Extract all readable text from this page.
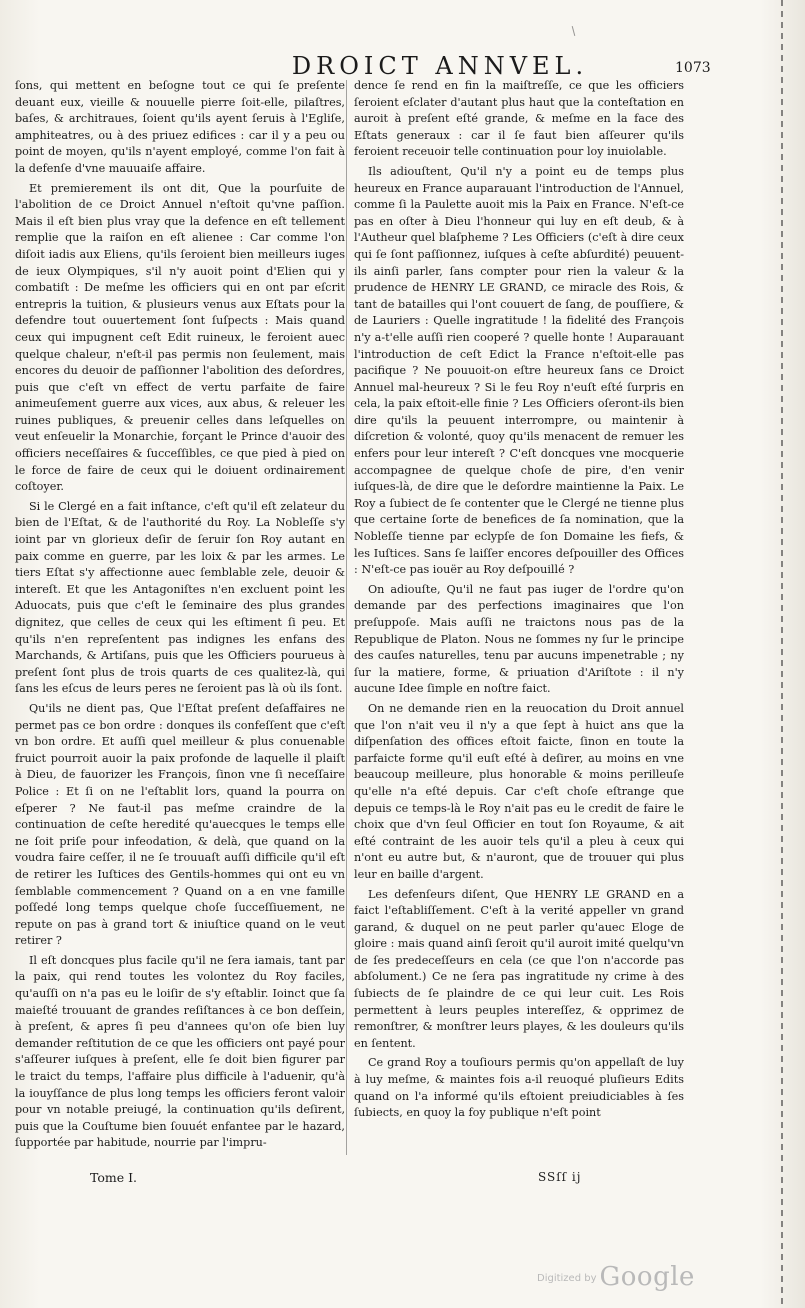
DROICT ANNVEL.	1073

ſons, qui mettent en beſogne tout ce qui ſe preſente deuant eux, vieille & nouuelle pierre ſoit-elle, pilaſtres, baſes, & architraues, ſoient qu'ils ayent ſeruis à l'Egliſe, amphiteatres, ou à des priuez edifices : car il y a peu ou point de moyen, qu'ils n'ayent employé, comme l'on fait à la defenſe d'vne mauuaiſe affaire.

Et premierement ils ont dit, Que la pourſuite de l'abolition de ce Droict Annuel n'eſtoit qu'vne paſſion. Mais il eſt bien plus vray que la defence en eſt tellement remplie que la raiſon en eſt alienee : Car comme l'on diſoit iadis aux Eliens, qu'ils ſeroient bien meilleurs iuges de ieux Olympiques, s'il n'y auoit point d'Elien qui y combatiſt : De meſme les officiers qui en ont par eſcrit entrepris la tuition, & plusieurs venus aux Eſtats pour la defendre tout ouuertement ſont ſuſpects : Mais quand ceux qui impugnent ceſt Edit ruineux, le feroient auec quelque chaleur, n'eſt-il pas permis non ſeulement, mais encores du deuoir de paſſionner l'abolition des deſordres, puis que c'eſt vn effect de vertu parfaite de faire animeuſement guerre aux vices, aux abus, & releuer les ruines publiques, & preuenir celles dans leſquelles on veut enſeuelir la Monarchie, forçant le Prince d'auoir des officiers neceſſaires & ſucceſſibles, ce que pied à pied on le force de faire de ceux qui le doiuent ordinairement coſtoyer.

Si le Clergé en a fait inſtance, c'eſt qu'il eſt zelateur du bien de l'Eſtat, & de l'authorité du Roy. La Nobleſſe s'y ioint par vn glorieux deſir de ſeruir ſon Roy autant en paix comme en guerre, par les loix & par les armes. Le tiers Eſtat s'y affectionne auec ſemblable zele, deuoir & intereſt. Et que les Antagoniſtes n'en excluent point les Aduocats, puis que c'eſt le ſeminaire des plus grandes dignitez, que celles de ceux qui les eſtiment ſi peu. Et qu'ils n'en repreſentent pas indignes les enfans des Marchands, & Artiſans, puis que les Officiers pourueus à preſent ſont plus de trois quarts de ces qualitez-là, qui ſans les eſcus de leurs peres ne ſeroient pas là où ils ſont.

Qu'ils ne dient pas, Que l'Eſtat preſent deſaffaires ne permet pas ce bon ordre : donques ils confeſſent que c'eſt vn bon ordre. Et auſſi quel meilleur & plus conuenable fruict pourroit auoir la paix profonde de laquelle il plaiſt à Dieu, de fauorizer les François, ſinon vne ſi neceſſaire Police : Et ſi on ne l'eſtablit lors, quand la pourra on eſperer ? Ne faut-il pas meſme craindre de la continuation de ceſte heredité qu'auecques le temps elle ne ſoit priſe pour infeodation, & delà, que quand on la voudra faire ceſſer, il ne ſe trouuaſt auſſi difficile qu'il eſt de retirer les Iuſtices des Gentils-hommes qui ont eu vn ſemblable commencement ? Quand on a en vne famille poſſedé long temps quelque choſe ſucceſſiuement, ne repute on pas à grand tort & iniuſtice quand on le veut retirer ?

Il eſt doncques plus facile qu'il ne ſera iamais, tant par la paix, qui rend toutes les volontez du Roy faciles, qu'auſſi on n'a pas eu le loiſir de s'y eſtablir. Ioinct que ſa maieſté trouuant de grandes reſiſtances à ce bon deſſein, à preſent, & apres ſi peu d'annees qu'on oſe bien luy demander reſtitution de ce que les officiers ont payé pour s'aſſeurer iuſques à preſent, elle ſe doit bien figurer par le traict du temps, l'affaire plus difficile à l'aduenir, qu'à la iouyſſance de plus long temps les officiers feront valoir pour vn notable preiugé, la continuation qu'ils deſirent, puis que la Couſtume bien ſouuét enfantee par le hazard, ſupportée par habitude, nourrie par l'impru-

dence ſe rend en fin la maiſtreſſe, ce que les officiers ſeroient eſclater d'autant plus haut que la conteſtation en auroit à preſent eſté grande, & meſme en la face des Eſtats generaux : car il ſe faut bien aſſeurer qu'ils feroient receuoir telle continuation pour loy inuiolable.

Ils adiouſtent, Qu'il n'y a point eu de temps plus heureux en France auparauant l'introduction de l'Annuel, comme ſi la Paulette auoit mis la Paix en France. N'eſt-ce pas en oſter à Dieu l'honneur qui luy en eſt deub, & à l'Autheur quel blaſpheme ? Les Officiers (c'eſt à dire ceux qui ſe ſont paſſionnez, iuſques à ceſte abſurdité) peuuent-ils ainſi parler, ſans compter pour rien la valeur & la prudence de HENRY LE GRAND, ce miracle des Rois, & tant de batailles qui l'ont couuert de ſang, de pouſſiere, & de Lauriers : Quelle ingratitude ! la fidelité des François n'y a-t'elle auſſi rien cooperé ? quelle honte ! Auparauant l'introduction de ceſt Edict la France n'eſtoit-elle pas pacifique ? Ne pouuoit-on eſtre heureux ſans ce Droict Annuel mal-heureux ? Si le feu Roy n'euſt eſté ſurpris en cela, la paix eſtoit-elle finie ? Les Officiers oſeront-ils bien dire qu'ils la peuuent interrompre, ou maintenir à diſcretion & volonté, quoy qu'ils menacent de remuer les enfers pour leur intereſt ? C'eſt doncques vne mocquerie accompagnee de quelque choſe de pire, d'en venir iuſques-là, de dire que le deſordre maintienne la Paix. Le Roy a ſubiect de ſe contenter que le Clergé ne tienne plus que certaine ſorte de benefices de ſa nomination, que la Nobleſſe tienne par eclypſe de ſon Domaine les fiefs, & les Iuſtices. Sans ſe laiſſer encores deſpouiller des Offices : N'eſt-ce pas iouër au Roy deſpouillé ?

On adiouſte, Qu'il ne faut pas iuger de l'ordre qu'on demande par des perfections imaginaires que l'on preſuppoſe. Mais auſſi ne traictons nous pas de la Republique de Platon. Nous ne ſommes ny ſur le principe des cauſes naturelles, tenu par aucuns impenetrable ; ny ſur la matiere, forme, & priuation d'Ariſtote : il n'y aucune Idee ſimple en noſtre faict.

On ne demande rien en la reuocation du Droit annuel que l'on n'ait veu il n'y a que ſept à huict ans que la diſpenſation des offices eſtoit faicte, ſinon en toute la parfaicte forme qu'il euſt eſté à deſirer, au moins en vne beaucoup meilleure, plus honorable & moins perilleuſe qu'elle n'a eſté depuis. Car c'eſt choſe eſtrange que depuis ce temps-là le Roy n'ait pas eu le credit de faire le choix que d'vn ſeul Officier en tout ſon Royaume, & ait eſté contraint de les auoir tels qu'il a pleu à ceux qui n'ont eu autre but, & n'auront, que de trouuer qui plus leur en baille d'argent.

Les defenſeurs diſent, Que HENRY LE GRAND en a faict l'eſtabliſſement. C'eſt à la verité appeller vn grand garand, & duquel on ne peut parler qu'auec Eloge de gloire : mais quand ainſi ſeroit qu'il auroit imité quelqu'vn de ſes predeceſſeurs en cela (ce que l'on n'accorde pas abſolument.) Ce ne ſera pas ingratitude ny crime à des ſubiects de ſe plaindre de ce qui leur cuit. Les Rois permettent à leurs peuples intereſſez, & opprimez de remonſtrer, & monſtrer leurs playes, & les douleurs qu'ils en ſentent.

Ce grand Roy a touſiours permis qu'on appellaſt de luy à luy meſme, & maintes fois a-il reuoqué pluſieurs Edits quand on l'a informé qu'ils eſtoient preiudiciables à ſes ſubiects, en quoy la foy publique n'eſt point

Tome I.	SSſſ ij
$^{Digitized by}$ Google
